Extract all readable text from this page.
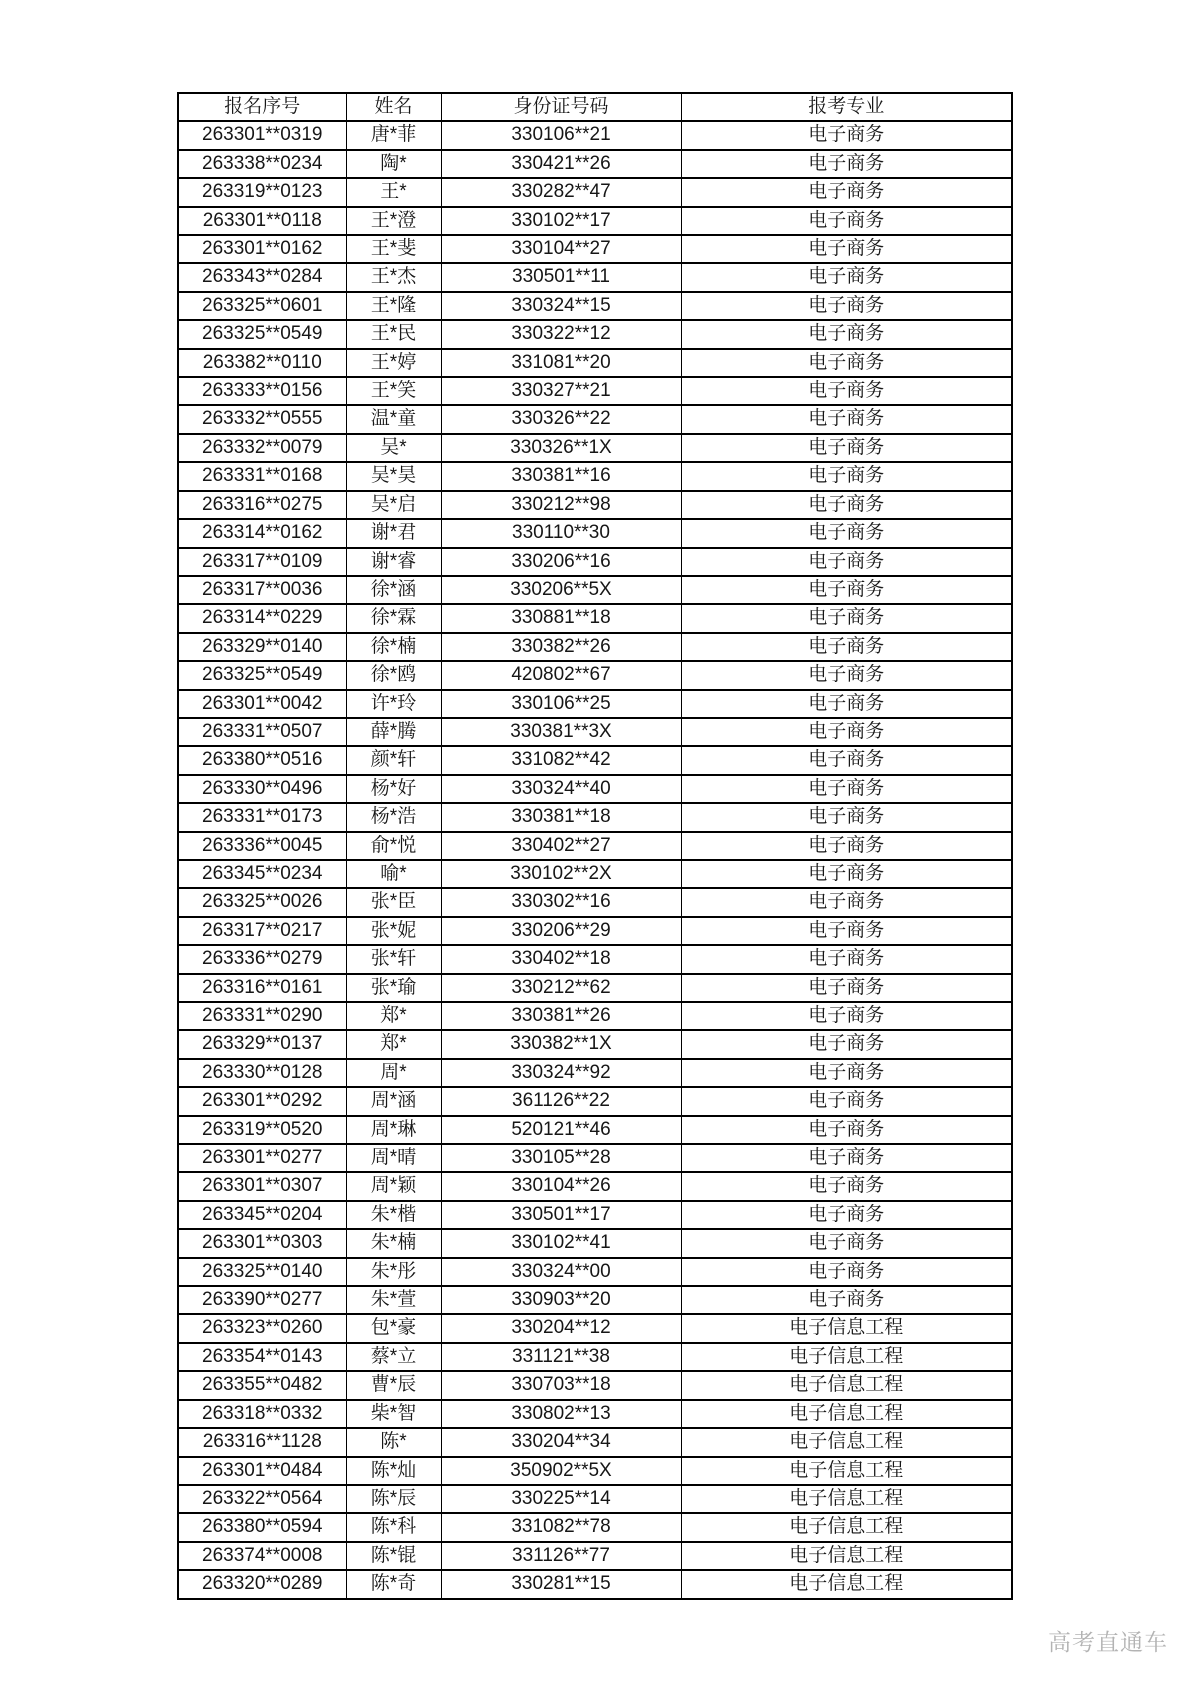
报名序号	姓名	身份证号码	报考专业
263301**0319	唐*菲	330106**21	电子商务
263338**0234	陶*	330421**26	电子商务
263319**0123	王*	330282**47	电子商务
263301**0118	王*澄	330102**17	电子商务
263301**0162	王*斐	330104**27	电子商务
263343**0284	王*杰	330501**11	电子商务
263325**0601	王*隆	330324**15	电子商务
263325**0549	王*民	330322**12	电子商务
263382**0110	王*婷	331081**20	电子商务
263333**0156	王*笑	330327**21	电子商务
263332**0555	温*童	330326**22	电子商务
263332**0079	吴*	330326**1X	电子商务
263331**0168	吴*昊	330381**16	电子商务
263316**0275	吴*启	330212**98	电子商务
263314**0162	谢*君	330110**30	电子商务
263317**0109	谢*睿	330206**16	电子商务
263317**0036	徐*涵	330206**5X	电子商务
263314**0229	徐*霖	330881**18	电子商务
263329**0140	徐*楠	330382**26	电子商务
263325**0549	徐*鸥	420802**67	电子商务
263301**0042	许*玲	330106**25	电子商务
263331**0507	薛*腾	330381**3X	电子商务
263380**0516	颜*轩	331082**42	电子商务
263330**0496	杨*好	330324**40	电子商务
263331**0173	杨*浩	330381**18	电子商务
263336**0045	俞*悦	330402**27	电子商务
263345**0234	喻*	330102**2X	电子商务
263325**0026	张*臣	330302**16	电子商务
263317**0217	张*妮	330206**29	电子商务
263336**0279	张*轩	330402**18	电子商务
263316**0161	张*瑜	330212**62	电子商务
263331**0290	郑*	330381**26	电子商务
263329**0137	郑*	330382**1X	电子商务
263330**0128	周*	330324**92	电子商务
263301**0292	周*涵	361126**22	电子商务
263319**0520	周*琳	520121**46	电子商务
263301**0277	周*晴	330105**28	电子商务
263301**0307	周*颖	330104**26	电子商务
263345**0204	朱*楷	330501**17	电子商务
263301**0303	朱*楠	330102**41	电子商务
263325**0140	朱*彤	330324**00	电子商务
263390**0277	朱*萱	330903**20	电子商务
263323**0260	包*豪	330204**12	电子信息工程
263354**0143	蔡*立	331121**38	电子信息工程
263355**0482	曹*辰	330703**18	电子信息工程
263318**0332	柴*智	330802**13	电子信息工程
263316**1128	陈*	330204**34	电子信息工程
263301**0484	陈*灿	350902**5X	电子信息工程
263322**0564	陈*辰	330225**14	电子信息工程
263380**0594	陈*科	331082**78	电子信息工程
263374**0008	陈*锟	331126**77	电子信息工程
263320**0289	陈*奇	330281**15	电子信息工程
高考直通车
